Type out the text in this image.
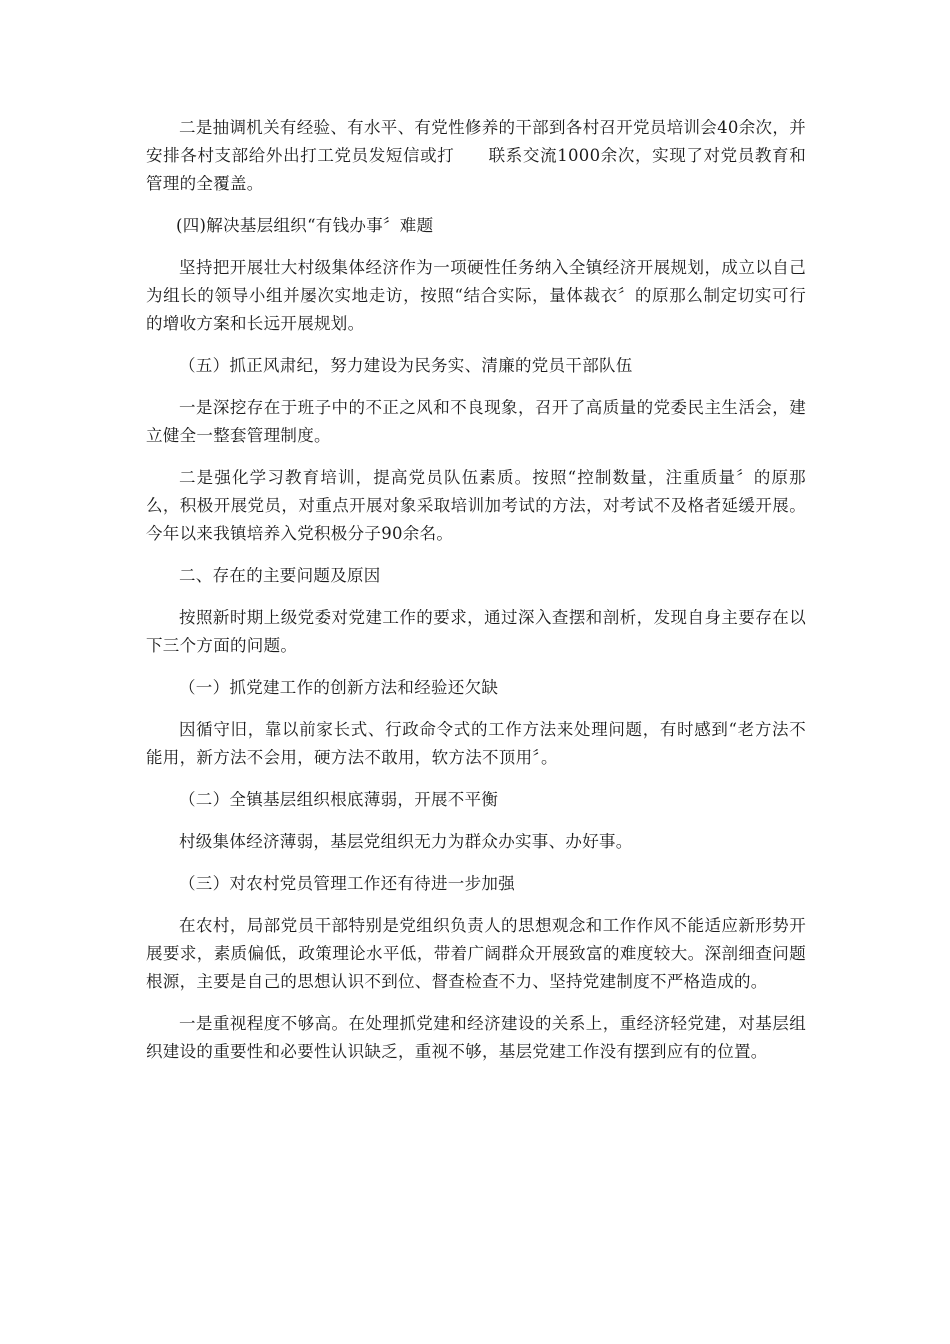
二是抽调机关有经验、有水平、有党性修养的干部到各村召开党员培训会40余次，并安排各村支部给外出打工党员发短信或打　　联系交流1000余次，实现了对党员教育和管理的全覆盖。

(四)解决基层组织“有钱办事〞难题

坚持把开展壮大村级集体经济作为一项硬性任务纳入全镇经济开展规划，成立以自己为组长的领导小组并屡次实地走访，按照“结合实际，量体裁衣〞的原那么制定切实可行的增收方案和长远开展规划。

（五）抓正风肃纪，努力建设为民务实、清廉的党员干部队伍

一是深挖存在于班子中的不正之风和不良现象，召开了高质量的党委民主生活会，建立健全一整套管理制度。

二是强化学习教育培训，提高党员队伍素质。按照“控制数量，注重质量〞的原那么，积极开展党员，对重点开展对象采取培训加考试的方法，对考试不及格者延缓开展。今年以来我镇培养入党积极分子90余名。

二、存在的主要问题及原因

按照新时期上级党委对党建工作的要求，通过深入查摆和剖析，发现自身主要存在以下三个方面的问题。

（一）抓党建工作的创新方法和经验还欠缺

因循守旧，靠以前家长式、行政命令式的工作方法来处理问题，有时感到“老方法不能用，新方法不会用，硬方法不敢用，软方法不顶用〞。

（二）全镇基层组织根底薄弱，开展不平衡

村级集体经济薄弱，基层党组织无力为群众办实事、办好事。

（三）对农村党员管理工作还有待进一步加强

在农村，局部党员干部特别是党组织负责人的思想观念和工作作风不能适应新形势开展要求，素质偏低，政策理论水平低，带着广阔群众开展致富的难度较大。深剖细查问题根源，主要是自己的思想认识不到位、督查检查不力、坚持党建制度不严格造成的。

一是重视程度不够高。在处理抓党建和经济建设的关系上，重经济轻党建，对基层组织建设的重要性和必要性认识缺乏，重视不够，基层党建工作没有摆到应有的位置。
